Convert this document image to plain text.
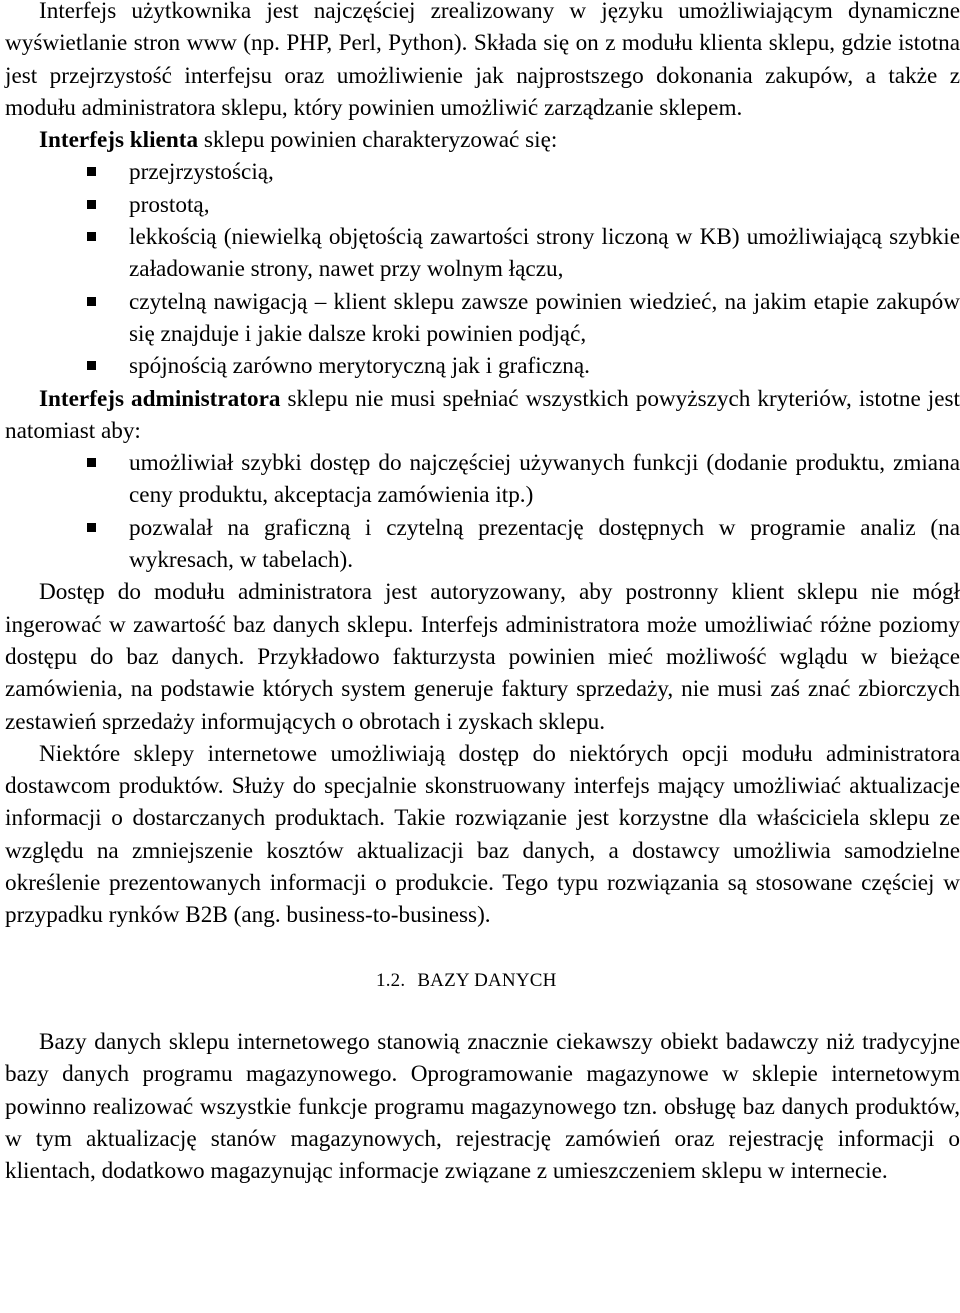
Interfejs użytkownika jest najczęściej zrealizowany w języku umożliwiającym dynamiczne wyświetlanie stron www (np. PHP, Perl, Python). Składa się on z modułu klienta sklepu, gdzie istotna jest przejrzystość interfejsu oraz umożliwienie jak najprostszego dokonania zakupów, a także z modułu administratora sklepu, który powinien umożliwić zarządzanie sklepem.

Interfejs klienta sklepu powinien charakteryzować się:

przejrzystością,
prostotą,
lekkością (niewielką objętością zawartości strony liczoną w KB) umożliwiającą szybkie załadowanie strony, nawet przy wolnym łączu,
czytelną nawigacją – klient sklepu zawsze powinien wiedzieć, na jakim etapie zakupów się znajduje i jakie dalsze kroki powinien podjąć,
spójnością zarówno merytoryczną jak i graficzną.

Interfejs administratora sklepu nie musi spełniać wszystkich powyższych kryteriów, istotne jest natomiast aby:

umożliwiał szybki dostęp do najczęściej używanych funkcji (dodanie produktu, zmiana ceny produktu, akceptacja zamówienia itp.)
pozwalał na graficzną i czytelną prezentację dostępnych w programie analiz (na wykresach, w tabelach).

Dostęp do modułu administratora jest autoryzowany, aby postronny klient sklepu nie mógł ingerować w zawartość baz danych sklepu. Interfejs administratora może umożliwiać różne poziomy dostępu do baz danych. Przykładowo fakturzysta powinien mieć możliwość wglądu w bieżące zamówienia, na podstawie których system generuje faktury sprzedaży, nie musi zaś znać zbiorczych zestawień sprzedaży informujących o obrotach i zyskach sklepu.

Niektóre sklepy internetowe umożliwiają dostęp do niektórych opcji modułu administratora dostawcom produktów. Służy do specjalnie skonstruowany interfejs mający umożliwiać aktualizacje informacji o dostarczanych produktach. Takie rozwiązanie jest korzystne dla właściciela sklepu ze względu na zmniejszenie kosztów aktualizacji baz danych, a dostawcy umożliwia samodzielne określenie prezentowanych informacji o produkcie. Tego typu rozwiązania są stosowane częściej w przypadku rynków B2B (ang. business-to-business).

1.2. BAZY DANYCH

Bazy danych sklepu internetowego stanowią znacznie ciekawszy obiekt badawczy niż tradycyjne bazy danych programu magazynowego. Oprogramowanie magazynowe w sklepie internetowym powinno realizować wszystkie funkcje programu magazynowego tzn. obsługę baz danych produktów, w tym aktualizację stanów magazynowych, rejestrację zamówień oraz rejestrację informacji o klientach, dodatkowo magazynując informacje związane z umieszczeniem sklepu w internecie.
